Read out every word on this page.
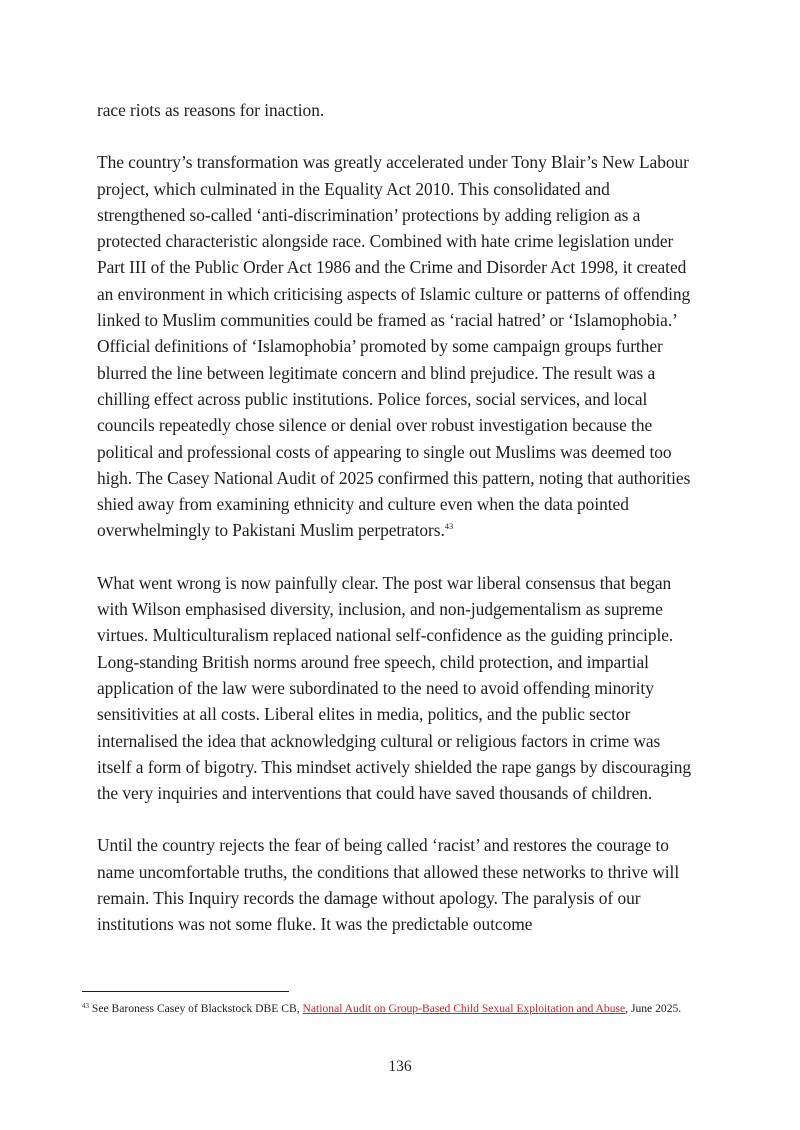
race riots as reasons for inaction.

The country’s transformation was greatly accelerated under Tony Blair’s New Labour project, which culminated in the Equality Act 2010. This consolidated and strengthened so-called ‘anti-discrimination’ protections by adding religion as a protected characteristic alongside race. Combined with hate crime legislation under Part III of the Public Order Act 1986 and the Crime and Disorder Act 1998, it created an environment in which criticising aspects of Islamic culture or patterns of offending linked to Muslim communities could be framed as ‘racial hatred’ or ‘Islamophobia.’ Official definitions of ‘Islamophobia’ promoted by some campaign groups further blurred the line between legitimate concern and blind prejudice. The result was a chilling effect across public institutions. Police forces, social services, and local councils repeatedly chose silence or denial over robust investigation because the political and professional costs of appearing to single out Muslims was deemed too high. The Casey National Audit of 2025 confirmed this pattern, noting that authorities shied away from examining ethnicity and culture even when the data pointed overwhelmingly to Pakistani Muslim perpetrators.$^{43}$

What went wrong is now painfully clear. The post war liberal consensus that began with Wilson emphasised diversity, inclusion, and non-judgementalism as supreme virtues. Multiculturalism replaced national self-confidence as the guiding principle. Long-standing British norms around free speech, child protection, and impartial application of the law were subordinated to the need to avoid offending minority sensitivities at all costs. Liberal elites in media, politics, and the public sector internalised the idea that acknowledging cultural or religious factors in crime was itself a form of bigotry. This mindset actively shielded the rape gangs by discouraging the very inquiries and interventions that could have saved thousands of children.

Until the country rejects the fear of being called ‘racist’ and restores the courage to name uncomfortable truths, the conditions that allowed these networks to thrive will remain. This Inquiry records the damage without apology. The paralysis of our institutions was not some fluke. It was the predictable outcome

$^{43}$ See Baroness Casey of Blackstock DBE CB, National Audit on Group-Based Child Sexual Exploitation and Abuse, June 2025.
136
